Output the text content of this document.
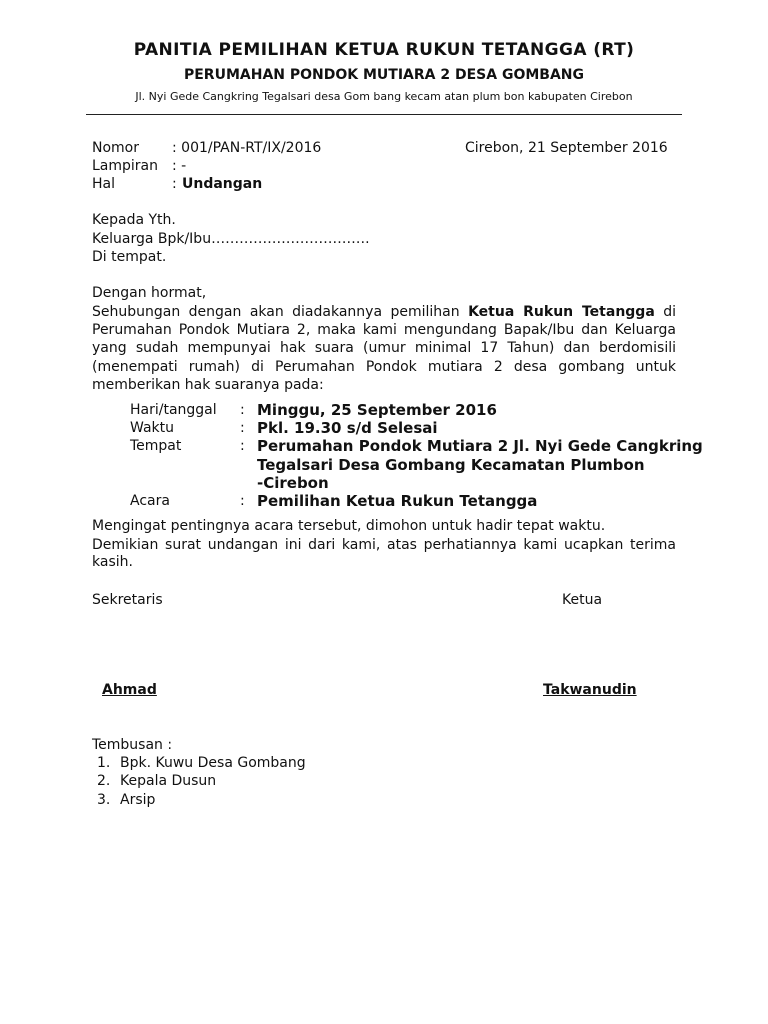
PANITIA PEMILIHAN KETUA RUKUN TETANGGA (RT)
PERUMAHAN PONDOK MUTIARA 2 DESA GOMBANG
Jl. Nyi Gede Cangkring Tegalsari desa Gom bang kecam atan plum bon kabupaten Cirebon
Nomor : 001/PAN-RT/IX/2016	Cirebon, 21 September 2016
Lampiran : -
Hal	: Undangan
Kepada Yth.
Keluarga Bpk/Ibu…………………………….
Di tempat.
Dengan hormat,
Sehubungan dengan akan diadakannya pemilihan Ketua Rukun Tetangga di Perumahan Pondok Mutiara 2, maka kami mengundang Bapak/Ibu dan Keluarga yang sudah mempunyai hak suara (umur minimal 17 Tahun) dan berdomisili (menempati rumah) di Perumahan Pondok mutiara 2 desa gombang untuk
memberikan hak suaranya pada:
Hari/tanggal : Minggu, 25 September 2016
Waktu	: Pkl. 19.30 s/d Selesai
Tempat	: Perumahan Pondok Mutiara 2 Jl. Nyi Gede Cangkring
Tegalsari Desa Gombang Kecamatan Plumbon
-Cirebon
Acara	: Pemilihan Ketua Rukun Tetangga
Mengingat pentingnya acara tersebut, dimohon untuk hadir tepat waktu.
Demikian surat undangan ini dari kami, atas perhatiannya kami ucapkan terima
kasih.
Sekretaris	Ketua
Ahmad	Takwanudin
Tembusan :
1. Bpk. Kuwu Desa Gombang
2. Kepala Dusun
3. Arsip
